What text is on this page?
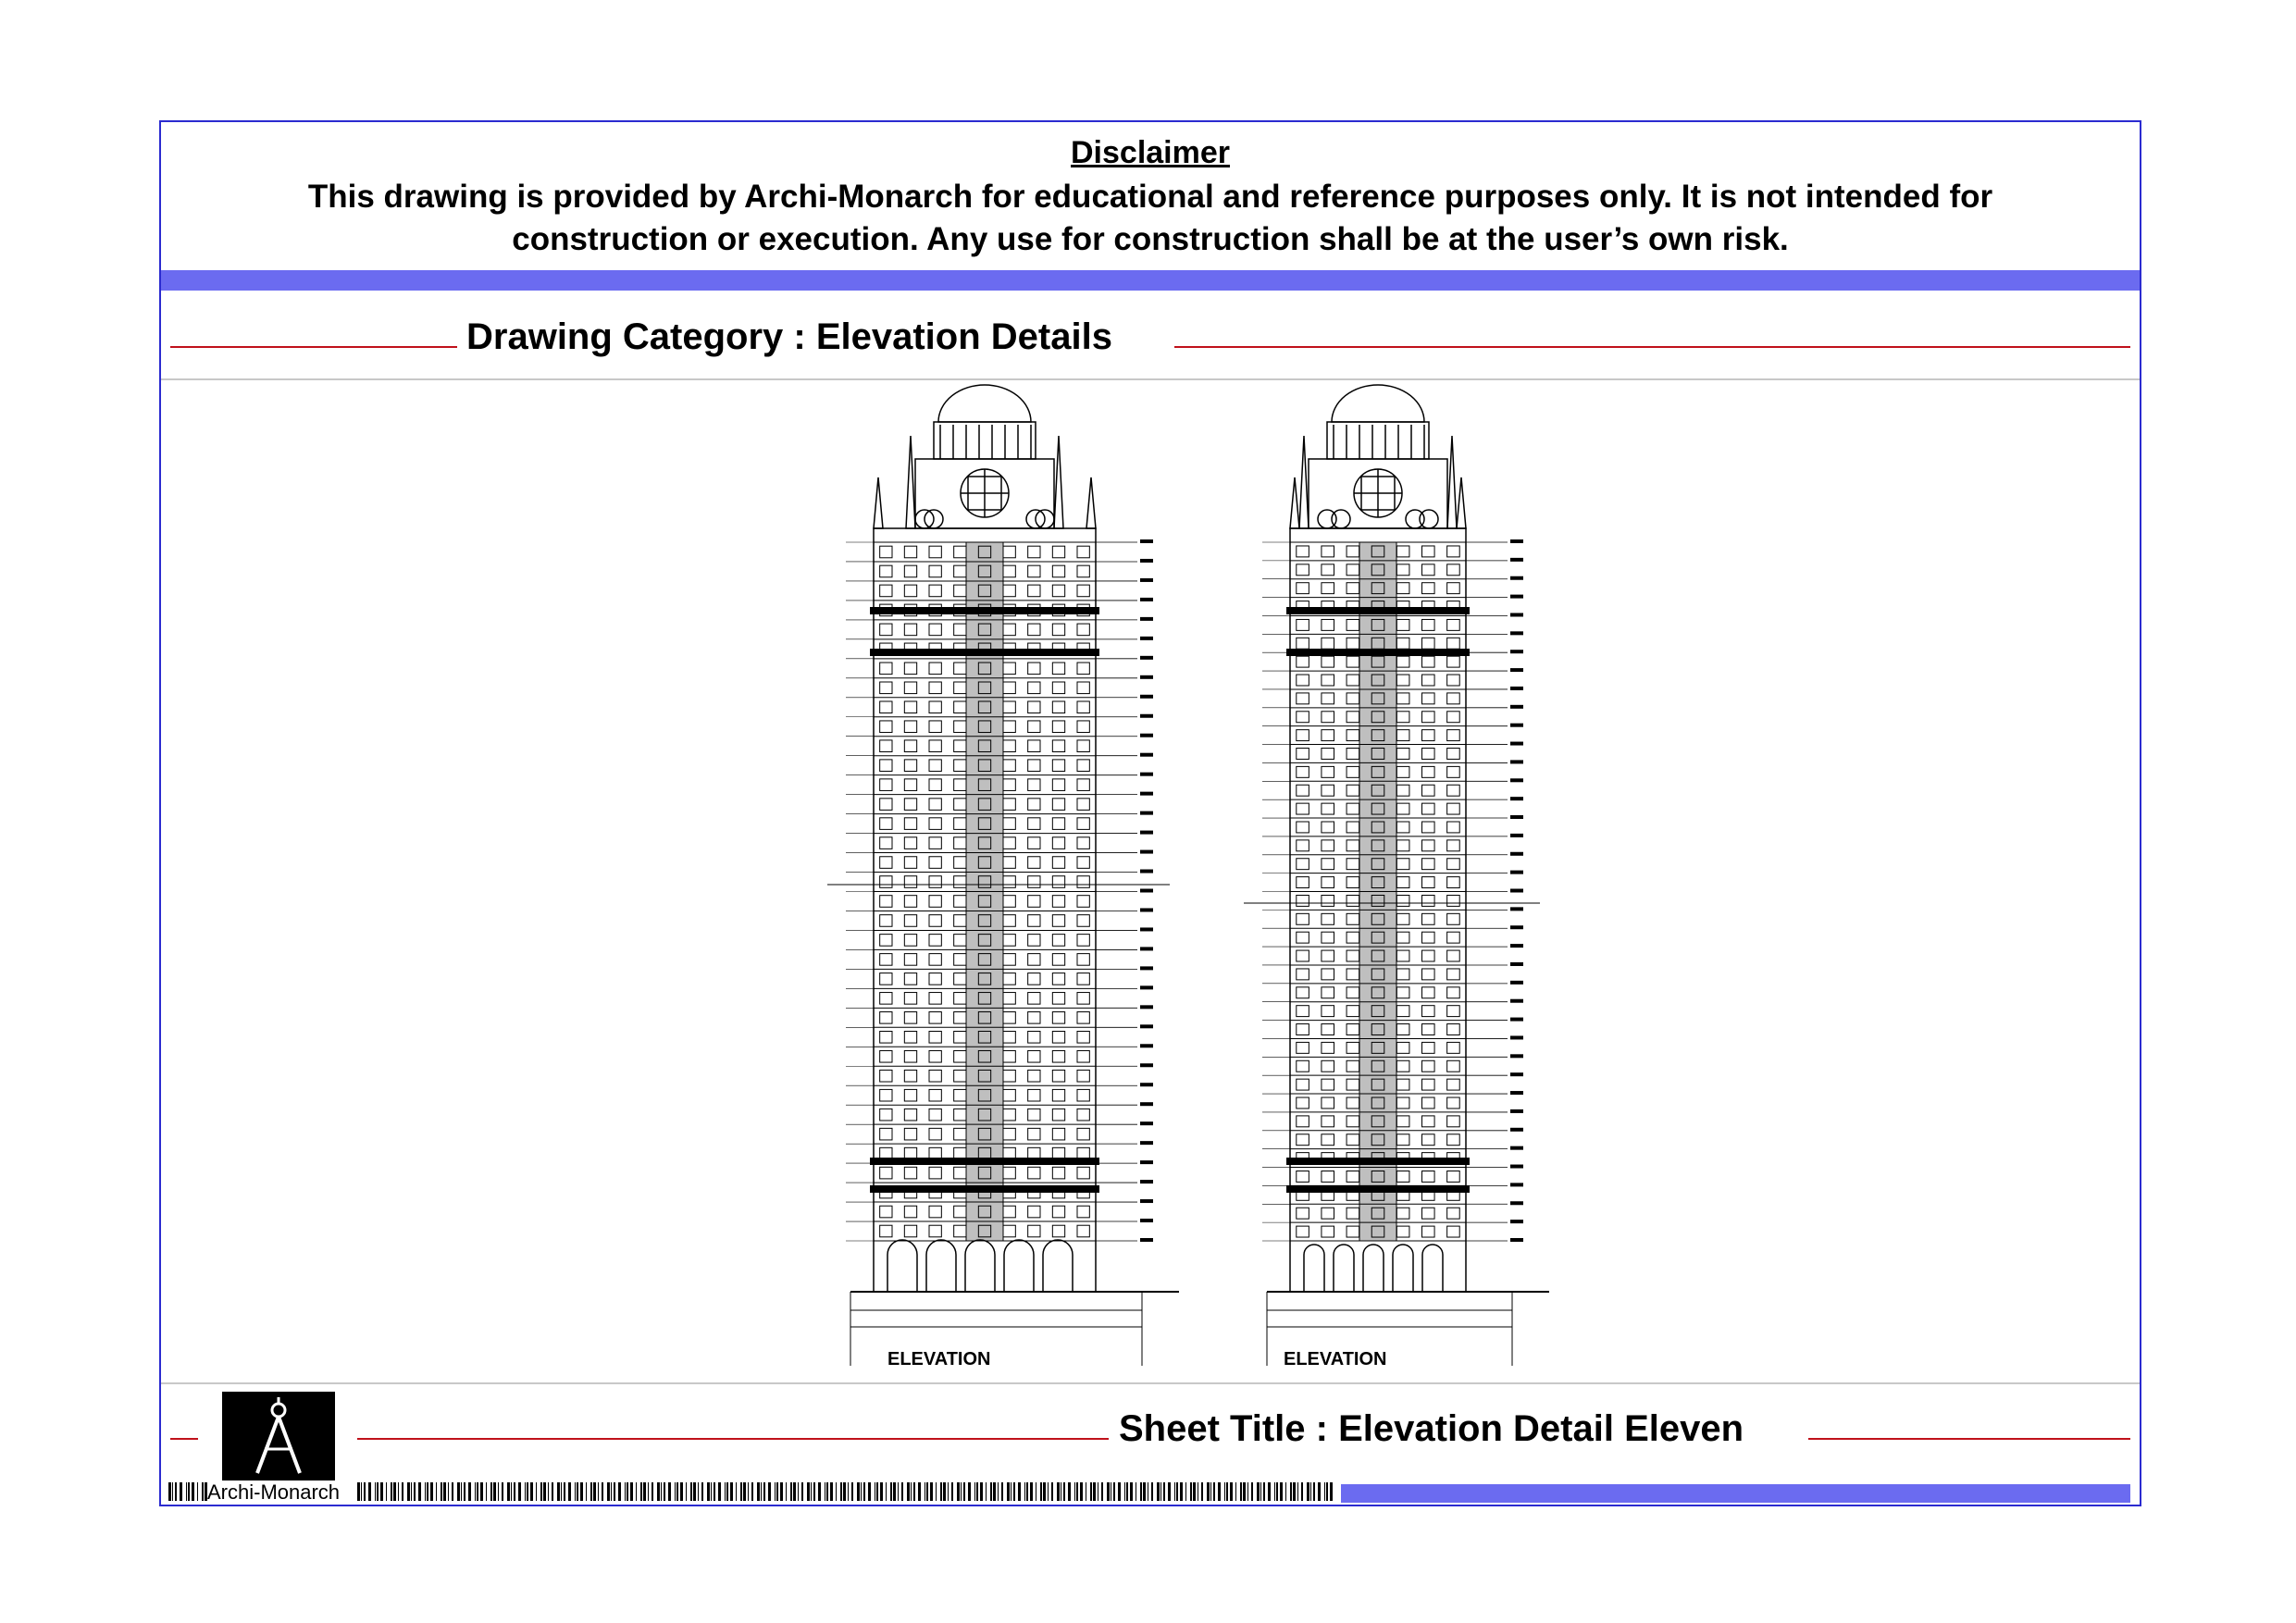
Disclaimer
This drawing is provided by Archi-Monarch for educational and reference purposes only. It is not intended for construction or execution. Any use for construction shall be at the user’s own risk.
Drawing Category : Elevation Details
ELEVATION	ELEVATION
Archi-Monarch
Sheet Title : Elevation Detail Eleven
